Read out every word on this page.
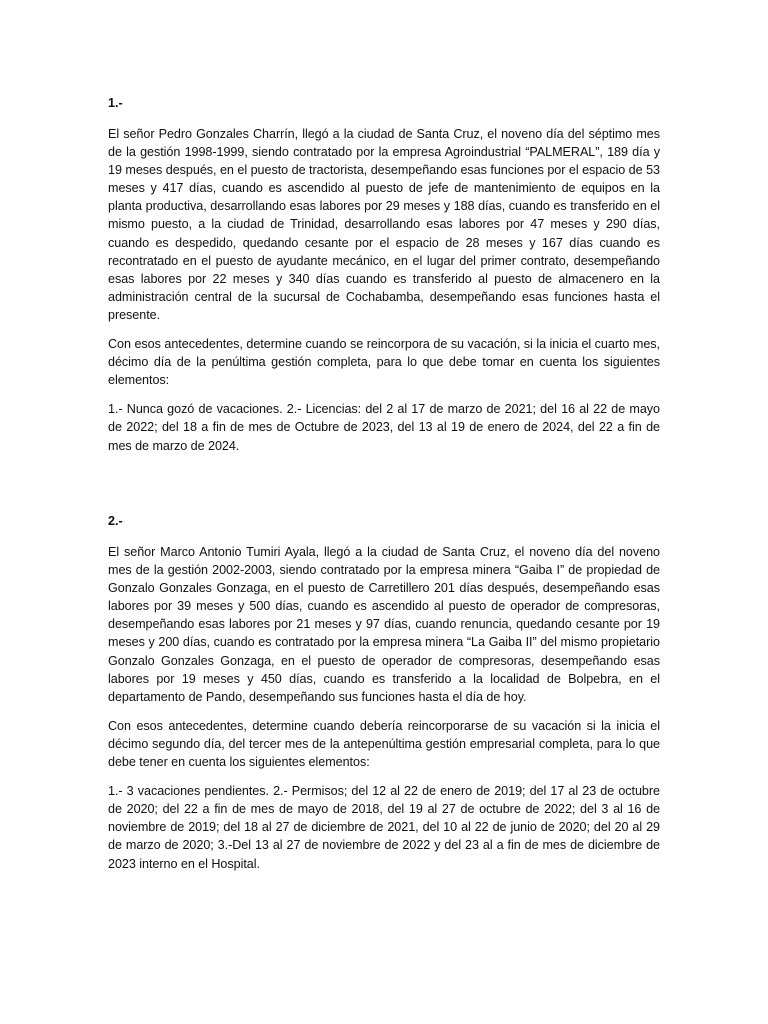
1.-

El señor Pedro Gonzales Charrín, llegó a la ciudad de Santa Cruz, el noveno día del séptimo mes de la gestión 1998-1999, siendo contratado por la empresa Agroindustrial “PALMERAL”, 189 día y 19 meses después, en el puesto de tractorista, desempeñando esas funciones por el espacio de 53 meses y 417 días, cuando es ascendido al puesto de jefe de mantenimiento de equipos en la planta productiva, desarrollando esas labores por 29 meses y 188 días, cuando es transferido en el mismo puesto, a la ciudad de Trinidad, desarrollando esas labores por 47 meses y 290 días, cuando es despedido, quedando cesante por el espacio de 28 meses y 167 días cuando es recontratado en el puesto de ayudante mecánico, en el lugar del primer contrato, desempeñando esas labores por 22 meses y 340 días cuando es transferido al puesto de almacenero en la administración central de la sucursal de Cochabamba, desempeñando esas funciones hasta el presente.

Con esos antecedentes, determine cuando se reincorpora de su vacación, si la inicia el cuarto mes, décimo día de la penúltima gestión completa, para lo que debe tomar en cuenta los siguientes elementos:

1.- Nunca gozó de vacaciones. 2.- Licencias: del 2 al 17 de marzo de 2021; del 16 al 22 de mayo de 2022; del 18 a fin de mes de Octubre de 2023, del 13 al 19 de enero de 2024, del 22 a fin de mes de marzo de 2024.

2.-

El señor Marco Antonio Tumiri Ayala, llegó a la ciudad de Santa Cruz, el noveno día del noveno mes de la gestión 2002-2003, siendo contratado por la empresa minera “Gaiba I” de propiedad de Gonzalo Gonzales Gonzaga, en el puesto de Carretillero 201 días después, desempeñando esas labores por 39 meses y 500 días, cuando es ascendido al puesto de operador de compresoras, desempeñando esas labores por 21 meses y 97 días, cuando renuncia, quedando cesante por 19 meses y 200 días, cuando es contratado por la empresa minera “La Gaiba II” del mismo propietario Gonzalo Gonzales Gonzaga, en el puesto de operador de compresoras, desempeñando esas labores por 19 meses y 450 días, cuando es transferido a la localidad de Bolpebra, en el departamento de Pando, desempeñando sus funciones hasta el día de hoy.

Con esos antecedentes, determine cuando debería reincorporarse de su vacación si la inicia el décimo segundo día, del tercer mes de la antepenúltima gestión empresarial completa, para lo que debe tener en cuenta los siguientes elementos:

1.- 3 vacaciones pendientes. 2.- Permisos; del 12 al 22 de enero de 2019; del 17 al 23 de octubre de 2020; del 22 a fin de mes de mayo de 2018, del 19 al 27 de octubre de 2022; del 3 al 16 de noviembre de 2019; del 18 al 27 de diciembre de 2021, del 10 al 22 de junio de 2020; del 20 al 29 de marzo de 2020; 3.-Del 13 al 27 de noviembre de 2022 y del 23 al a fin de mes de diciembre de 2023 interno en el Hospital.
